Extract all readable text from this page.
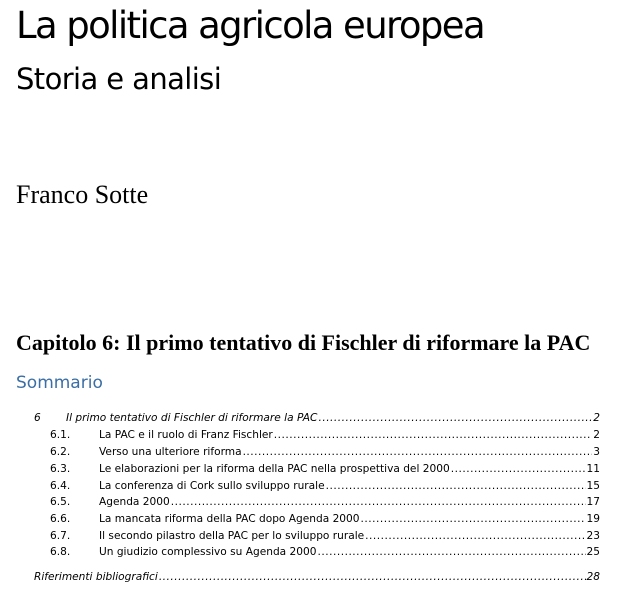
La politica agricola europea
Storia e analisi
Franco Sotte
Capitolo 6: Il primo tentativo di Fischler di riformare la PAC
Sommario
6	Il primo tentativo di Fischler di riformare la PAC .....	2
6.1.	La PAC e il ruolo di Franz Fischler .....	2
6.2.	Verso una ulteriore riforma .....	3
6.3.	Le elaborazioni per la riforma della PAC nella prospettiva del 2000 .....	11
6.4.	La conferenza di Cork sullo sviluppo rurale .....	15
6.5.	Agenda 2000 .....	17
6.6.	La mancata riforma della PAC dopo Agenda 2000 .....	19
6.7.	Il secondo pilastro della PAC per lo sviluppo rurale .....	23
6.8.	Un giudizio complessivo su Agenda 2000 .....	25
Riferimenti bibliografici .....	28
